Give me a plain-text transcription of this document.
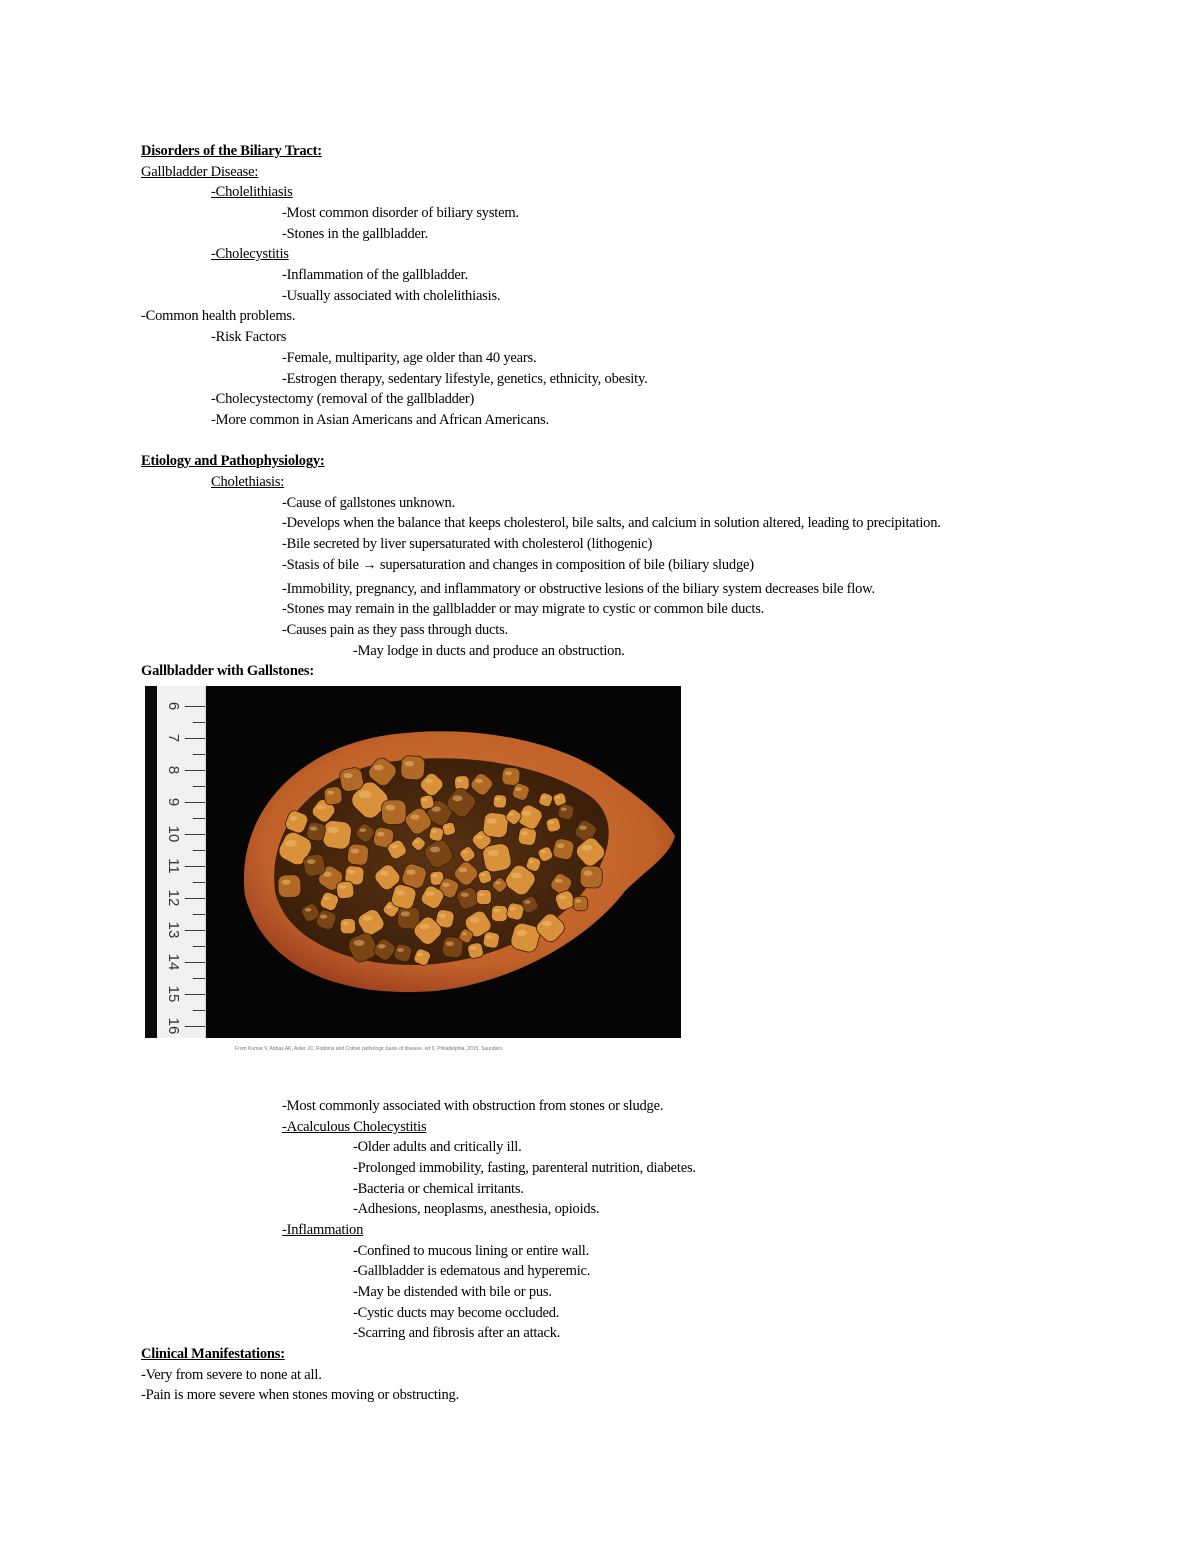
Disorders of the Biliary Tract:
Gallbladder Disease:
-Cholelithiasis
-Most common disorder of biliary system.
-Stones in the gallbladder.
-Cholecystitis
-Inflammation of the gallbladder.
-Usually associated with cholelithiasis.
-Common health problems.
-Risk Factors
-Female, multiparity, age older than 40 years.
-Estrogen therapy, sedentary lifestyle, genetics, ethnicity, obesity.
-Cholecystectomy (removal of the gallbladder)
-More common in Asian Americans and African Americans.
Etiology and Pathophysiology:
Cholethiasis:
-Cause of gallstones unknown.
-Develops when the balance that keeps cholesterol, bile salts, and calcium in solution altered, leading to precipitation.
-Bile secreted by liver supersaturated with cholesterol (lithogenic)
-Stasis of bile → supersaturation and changes in composition of bile (biliary sludge)
-Immobility, pregnancy, and inflammatory or obstructive lesions of the biliary system decreases bile flow.
-Stones may remain in the gallbladder or may migrate to cystic or common bile ducts.
-Causes pain as they pass through ducts.
-May lodge in ducts and produce an obstruction.
Gallbladder with Gallstones:
6
7
8
9
10
11
12
13
14
15
16
From Kumar V, Abbas AK, Aster JC: Robbins and Cotran pathologic basis of disease, ed 9, Philadelphia, 2015, Saunders.
-Most commonly associated with obstruction from stones or sludge.
-Acalculous Cholecystitis
-Older adults and critically ill.
-Prolonged immobility, fasting, parenteral nutrition, diabetes.
-Bacteria or chemical irritants.
-Adhesions, neoplasms, anesthesia, opioids.
-Inflammation
-Confined to mucous lining or entire wall.
-Gallbladder is edematous and hyperemic.
-May be distended with bile or pus.
-Cystic ducts may become occluded.
-Scarring and fibrosis after an attack.
Clinical Manifestations:
-Very from severe to none at all.
-Pain is more severe when stones moving or obstructing.
